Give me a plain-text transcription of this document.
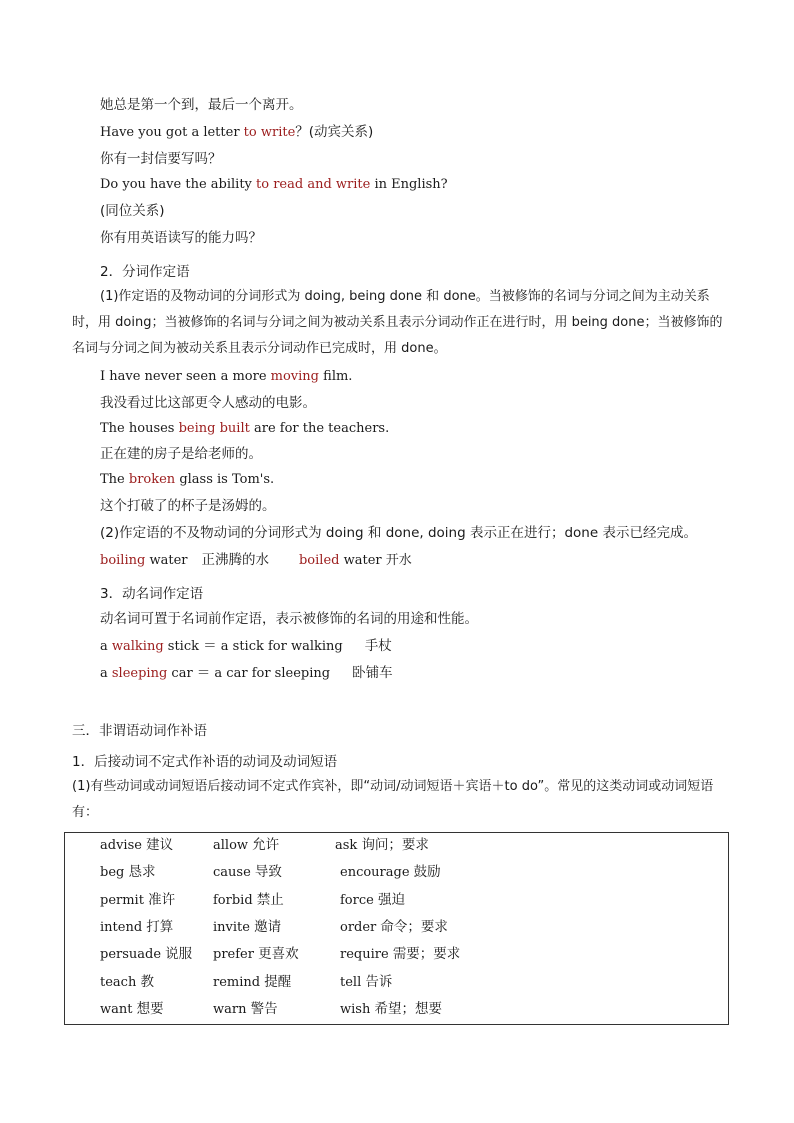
她总是第一个到，最后一个离开。
Have you got a letter to write？(动宾关系)
你有一封信要写吗？
Do you have the ability to read and write in English?
(同位关系)
你有用英语读写的能力吗？
2．分词作定语
(1)作定语的及物动词的分词形式为 doing, being done 和 done。当被修饰的名词与分词之间为主动关系时，用 doing；当被修饰的名词与分词之间为被动关系且表示分词动作正在进行时，用 being done；当被修饰的名词与分词之间为被动关系且表示分词动作已完成时，用 done。
I have never seen a more moving film.
我没看过比这部更令人感动的电影。
The houses being built are for the teachers.
正在建的房子是给老师的。
The broken glass is Tom's.
这个打破了的杯子是汤姆的。
(2)作定语的不及物动词的分词形式为 doing 和 done, doing 表示正在进行；done 表示已经完成。
boiling water 正沸腾的水 boiled water 开水
3．动名词作定语
动名词可置于名词前作定语，表示被修饰的名词的用途和性能。
a walking stick ＝ a stick for walking 手杖
a sleeping car ＝ a car for sleeping 卧铺车
三．非谓语动词作补语
1．后接动词不定式作补语的动词及动词短语
(1)有些动词或动词短语后接动词不定式作宾补，即“动词/动词短语＋宾语＋to do”。常见的这类动词或动词短语有：
advise 建议	allow 允许	ask 询问；要求
beg 恳求	cause 导致	encourage 鼓励
permit 准许	forbid 禁止	force 强迫
intend 打算	invite 邀请	order 命令；要求
persuade 说服 prefer 更喜欢	require 需要；要求
teach 教	remind 提醒	tell 告诉
want 想要	warn 警告	wish 希望；想要
